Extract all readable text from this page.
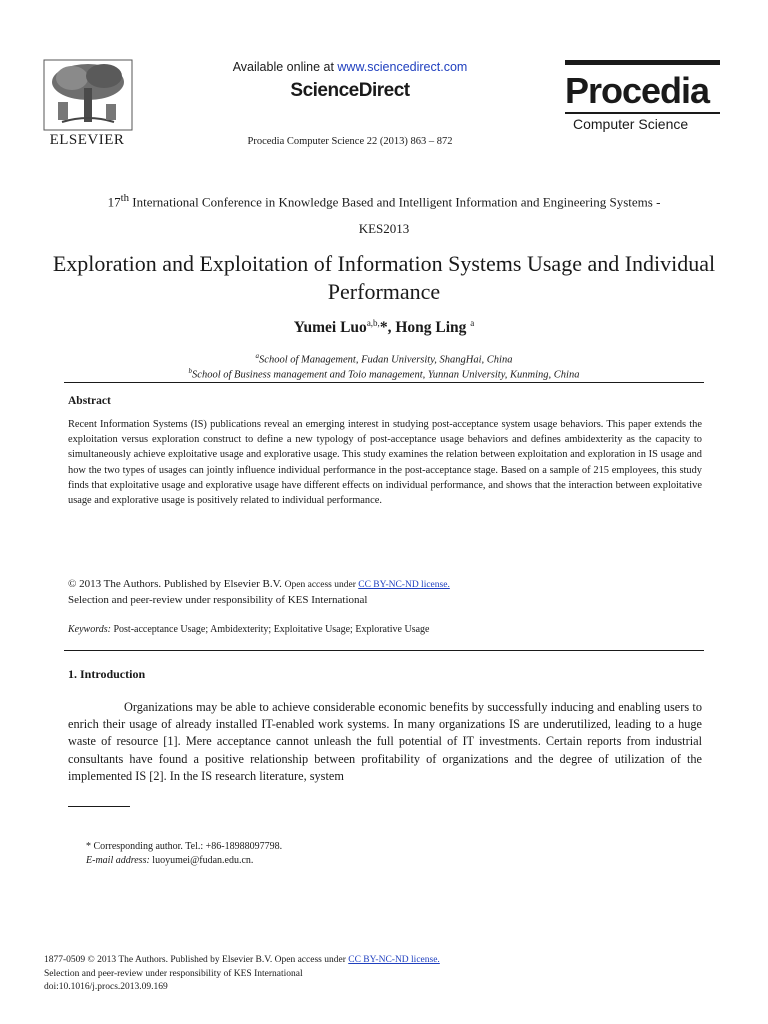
ELSEVIER
Available online at www.sciencedirect.com
ScienceDirect
Procedia Computer Science 22 (2013) 863 – 872
Procedia
Computer Science
17th International Conference in Knowledge Based and Intelligent Information and Engineering Systems -
KES2013
Exploration and Exploitation of Information Systems Usage and Individual Performance
Yumei Luo$^{a,b,}$*, Hong Ling $^a$
$^a$School of Management, Fudan University, ShangHai, China
$^b$School of Business management and Toio management, Yunnan University, Kunming, China
Abstract
Recent Information Systems (IS) publications reveal an emerging interest in studying post-acceptance system usage behaviors. This paper extends the exploitation versus exploration construct to define a new typology of post-acceptance usage behaviors and defines ambidexterity as the capacity to simultaneously achieve exploitative usage and explorative usage. This study examines the relation between exploitation and exploration in IS usage and how the two types of usages can jointly influence individual performance in the post-acceptance stage. Based on a sample of 215 employees, this study finds that exploitative usage and explorative usage have different effects on individual performance, and shows that the interaction between exploitative usage and explorative usage is positively related to individual performance.
© 2013 The Authors. Published by Elsevier B.V. Open access under CC BY-NC-ND license.
Selection and peer-review under responsibility of KES International
Keywords: Post-acceptance Usage; Ambidexterity; Exploitative Usage; Explorative Usage
1. Introduction
Organizations may be able to achieve considerable economic benefits by successfully inducing and enabling users to enrich their usage of already installed IT-enabled work systems. In many organizations IS are underutilized, leading to a huge waste of resource [1]. Mere acceptance cannot unleash the full potential of IT investments. Certain reports from industrial consultants have found a positive relationship between profitability of organizations and the degree of utilization of the implemented IS [2]. In the IS research literature, system
* Corresponding author. Tel.: +86-18988097798.
E-mail address: luoyumei@fudan.edu.cn.
1877-0509 © 2013 The Authors. Published by Elsevier B.V. Open access under CC BY-NC-ND license.
Selection and peer-review under responsibility of KES International
doi:10.1016/j.procs.2013.09.169
